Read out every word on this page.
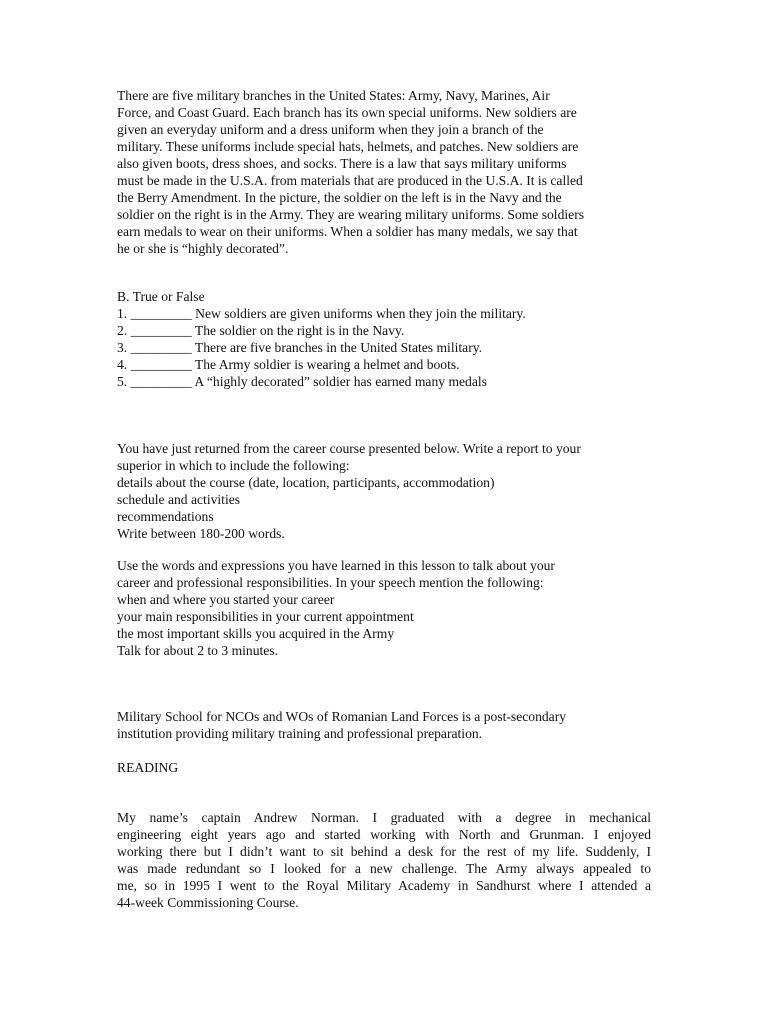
There are five military branches in the United States: Army, Navy, Marines, Air
Force, and Coast Guard. Each branch has its own special uniforms. New soldiers are
given an everyday uniform and a dress uniform when they join a branch of the
military. These uniforms include special hats, helmets, and patches. New soldiers are
also given boots, dress shoes, and socks. There is a law that says military uniforms
must be made in the U.S.A. from materials that are produced in the U.S.A. It is called
the Berry Amendment. In the picture, the soldier on the left is in the Navy and the
soldier on the right is in the Army. They are wearing military uniforms. Some soldiers
earn medals to wear on their uniforms. When a soldier has many medals, we say that
he or she is “highly decorated”.
B. True or False
1. _________ New soldiers are given uniforms when they join the military.
2. _________ The soldier on the right is in the Navy.
3. _________ There are five branches in the United States military.
4. _________ The Army soldier is wearing a helmet and boots.
5. _________ A “highly decorated” soldier has earned many medals
You have just returned from the career course presented below. Write a report to your
superior in which to include the following:
details about the course (date, location, participants, accommodation)
schedule and activities
recommendations
Write between 180-200 words.
Use the words and expressions you have learned in this lesson to talk about your
career and professional responsibilities. In your speech mention the following:
when and where you started your career
your main responsibilities in your current appointment
the most important skills you acquired in the Army
Talk for about 2 to 3 minutes.
Military School for NCOs and WOs of Romanian Land Forces is a post-secondary
institution providing military training and professional preparation.
READING
My name’s captain Andrew Norman. I graduated with a degree in mechanical
engineering eight years ago and started working with North and Grunman. I enjoyed
working there but I didn’t want to sit behind a desk for the rest of my life. Suddenly, I
was made redundant so I looked for a new challenge. The Army always appealed to
me, so in 1995 I went to the Royal Military Academy in Sandhurst where I attended a
44-week Commissioning Course.
